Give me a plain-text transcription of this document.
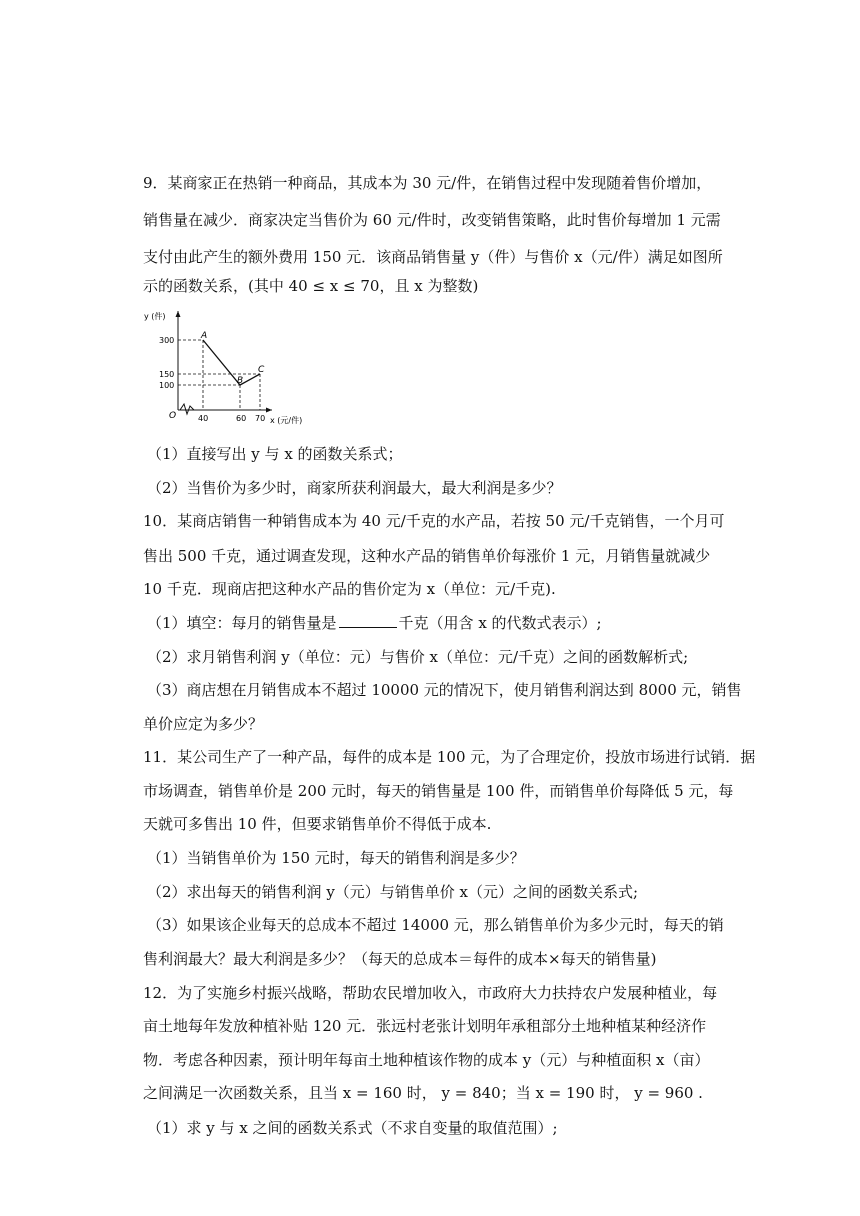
9．某商家正在热销一种商品，其成本为 30 元/件，在销售过程中发现随着售价增加，
销售量在减少．商家决定当售价为 60 元/件时，改变销售策略，此时售价每增加 1 元需
支付由此产生的额外费用 150 元．该商品销售量 y（件）与售价 x（元/件）满足如图所
示的函数关系，(其中 40 ≤ x ≤ 70，且 x 为整数)
y (件)
x (元/件)
O
300
150
100
40	60 70
A
B
C
（1）直接写出 y 与 x 的函数关系式；
（2）当售价为多少时，商家所获利润最大，最大利润是多少？
10．某商店销售一种销售成本为 40 元/千克的水产品，若按 50 元/千克销售，一个月可
售出 500 千克，通过调查发现，这种水产品的销售单价每涨价 1 元，月销售量就减少
10 千克．现商店把这种水产品的售价定为 x（单位：元/千克).
（1）填空：每月的销售量是	千克（用含 x 的代数式表示）;
（2）求月销售利润 y（单位：元）与售价 x（单位：元/千克）之间的函数解析式;
（3）商店想在月销售成本不超过 10000 元的情况下，使月销售利润达到 8000 元，销售
单价应定为多少？
11．某公司生产了一种产品，每件的成本是 100 元，为了合理定价，投放市场进行试销．据
市场调查，销售单价是 200 元时，每天的销售量是 100 件，而销售单价每降低 5 元，每
天就可多售出 10 件，但要求销售单价不得低于成本.
（1）当销售单价为 150 元时，每天的销售利润是多少？
（2）求出每天的销售利润 y（元）与销售单价 x（元）之间的函数关系式;
（3）如果该企业每天的总成本不超过 14000 元，那么销售单价为多少元时，每天的销
售利润最大？最大利润是多少？（每天的总成本＝每件的成本×每天的销售量)
12．为了实施乡村振兴战略，帮助农民增加收入，市政府大力扶持农户发展种植业，每
亩土地每年发放种植补贴 120 元．张远村老张计划明年承租部分土地种植某种经济作
物．考虑各种因素，预计明年每亩土地种植该作物的成本 y（元）与种植面积 x（亩）
之间满足一次函数关系，且当 x = 160 时， y = 840；当 x = 190 时， y = 960 .
（1）求 y 与 x 之间的函数关系式（不求自变量的取值范围）;
